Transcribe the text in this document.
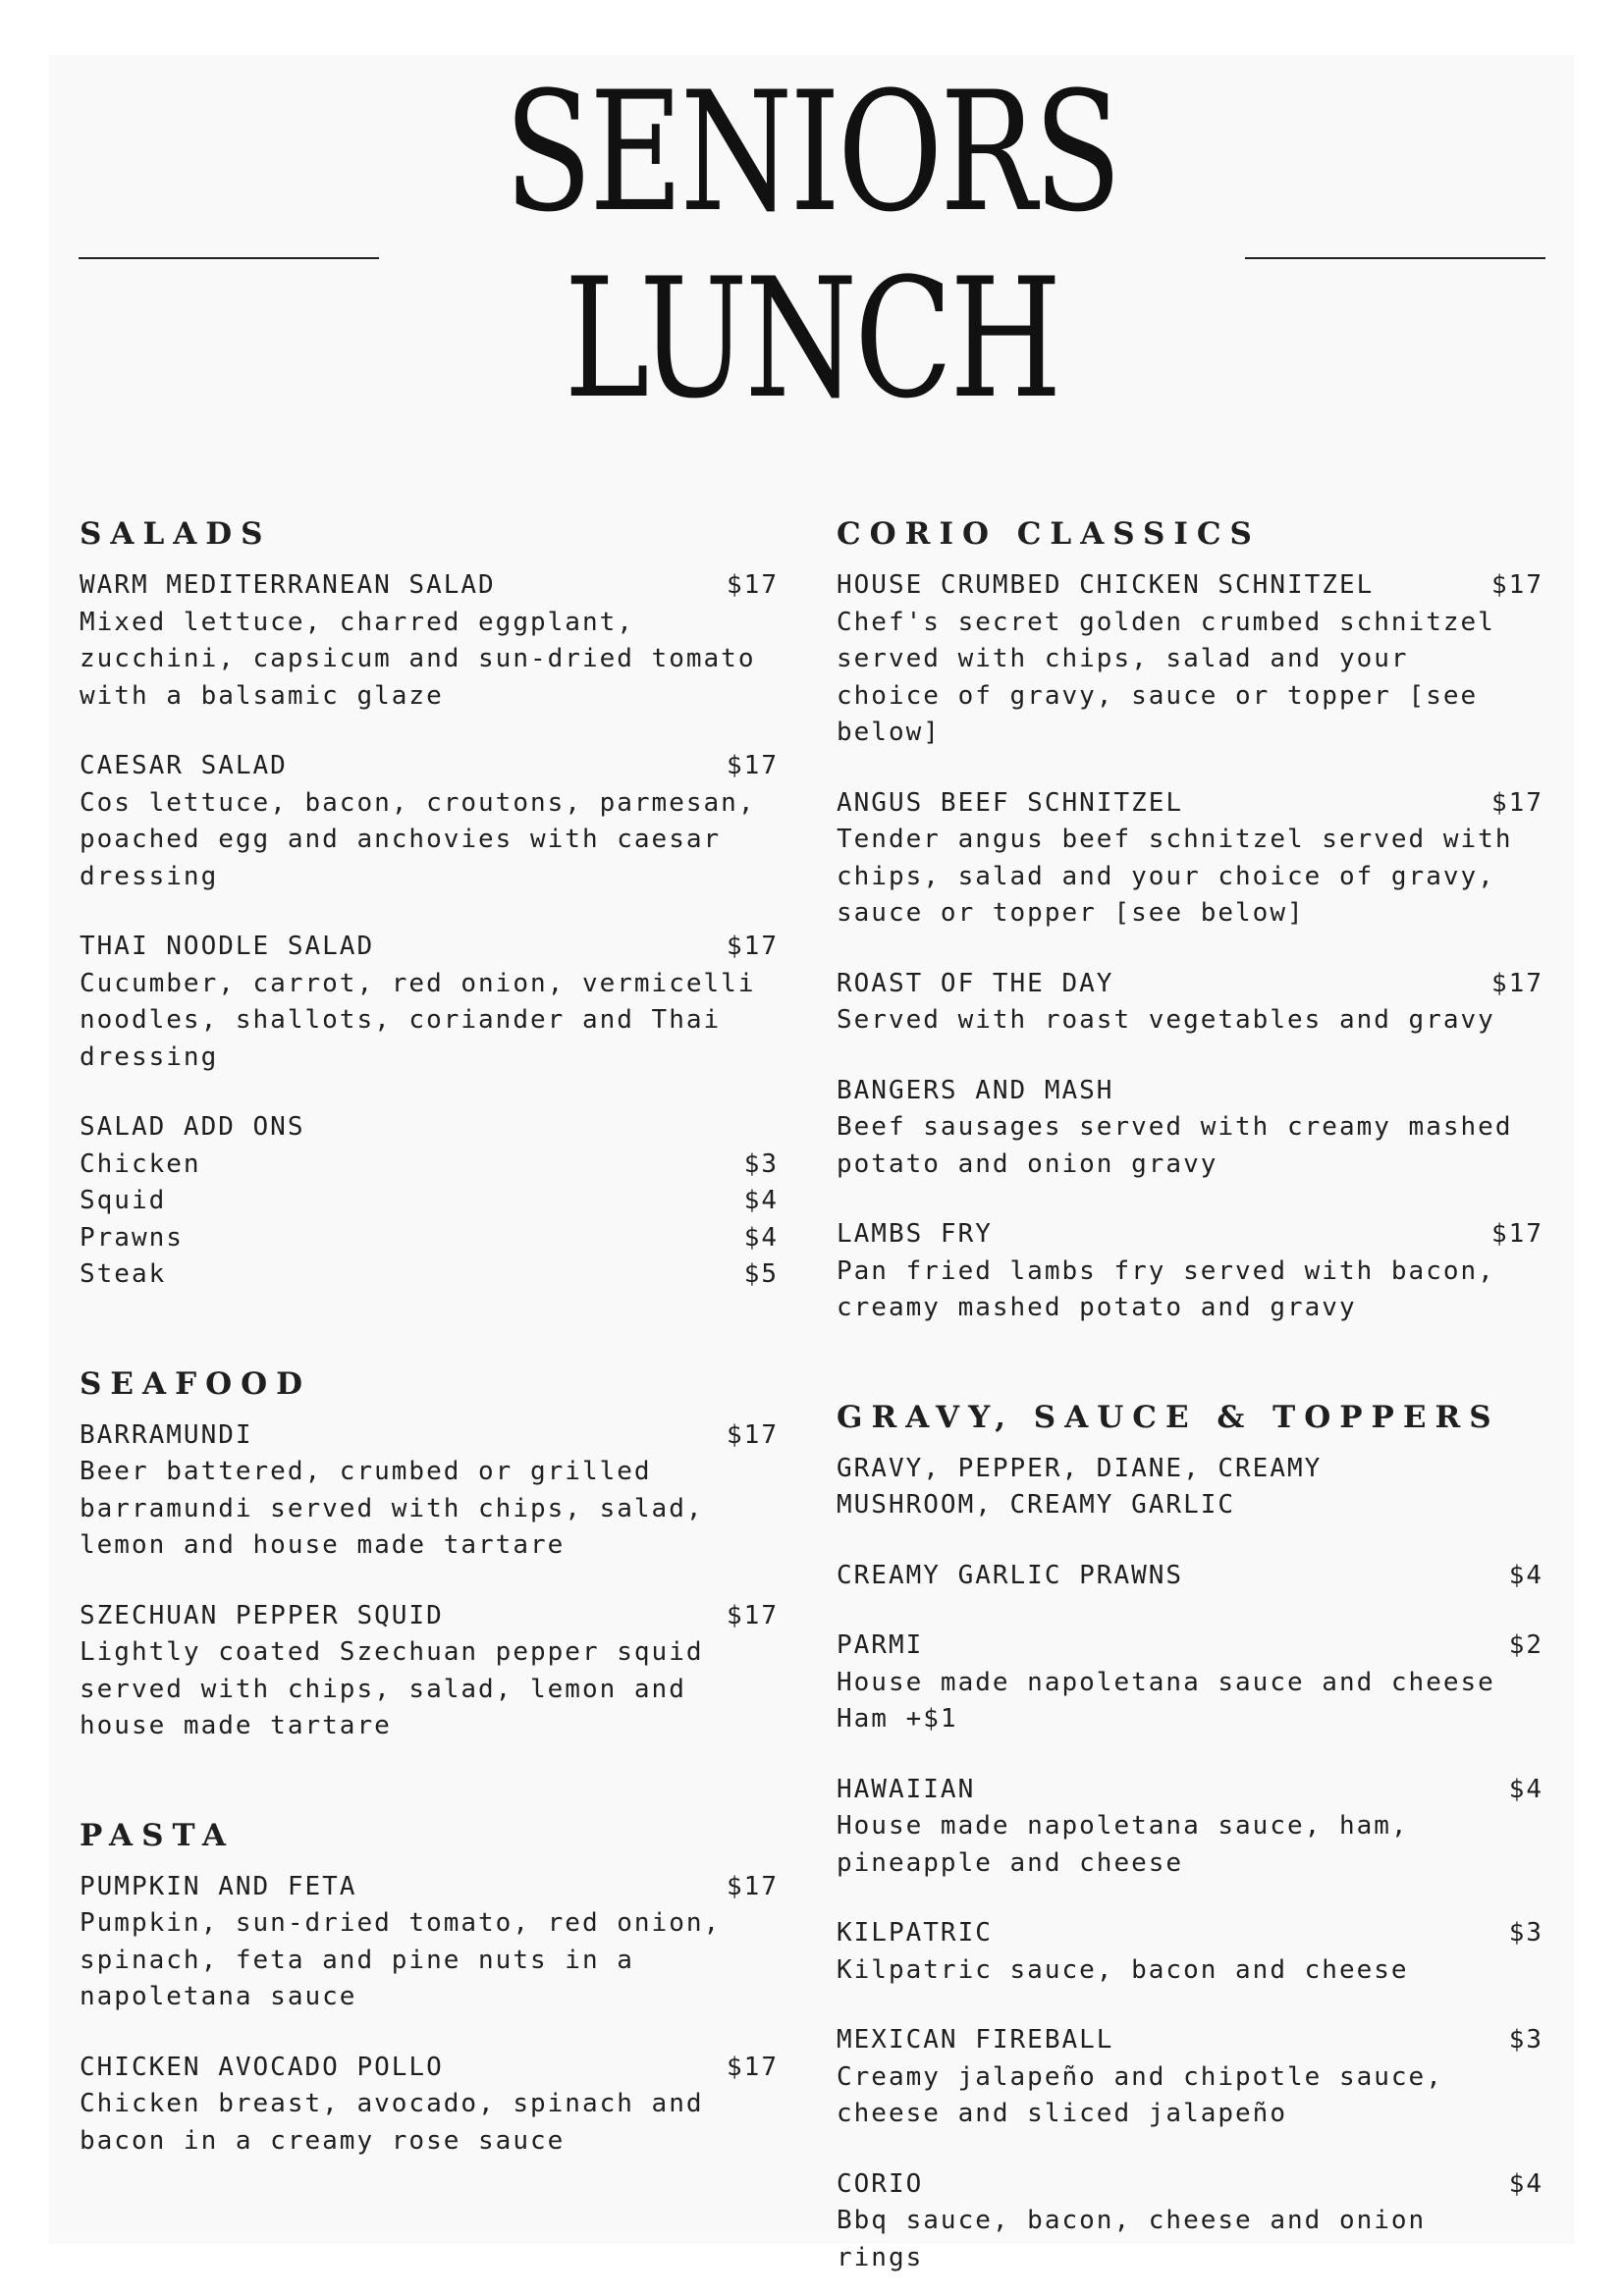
SENIORS
LUNCH
SALADS
WARM MEDITERRANEAN SALAD	$17
Mixed lettuce, charred eggplant, zucchini, capsicum and sun-dried tomato with a balsamic glaze
CAESAR SALAD	$17
Cos lettuce, bacon, croutons, parmesan, poached egg and anchovies with caesar dressing
THAI NOODLE SALAD	$17
Cucumber, carrot, red onion, vermicelli noodles, shallots, coriander and Thai dressing
SALAD ADD ONS
Chicken	$3
Squid	$4
Prawns	$4
Steak	$5
SEAFOOD
BARRAMUNDI	$17
Beer battered, crumbed or grilled barramundi served with chips, salad, lemon and house made tartare
SZECHUAN PEPPER SQUID	$17
Lightly coated Szechuan pepper squid served with chips, salad, lemon and house made tartare
PASTA
PUMPKIN AND FETA	$17
Pumpkin, sun-dried tomato, red onion, spinach, feta and pine nuts in a napoletana sauce
CHICKEN AVOCADO POLLO	$17
Chicken breast, avocado, spinach and bacon in a creamy rose sauce
CORIO CLASSICS
HOUSE CRUMBED CHICKEN SCHNITZEL	$17
Chef's secret golden crumbed schnitzel served with chips, salad and your choice of gravy, sauce or topper [see below]
ANGUS BEEF SCHNITZEL	$17
Tender angus beef schnitzel served with chips, salad and your choice of gravy, sauce or topper [see below]
ROAST OF THE DAY	$17
Served with roast vegetables and gravy
BANGERS AND MASH
Beef sausages served with creamy mashed potato and onion gravy
LAMBS FRY	$17
Pan fried lambs fry served with bacon, creamy mashed potato and gravy
GRAVY, SAUCE & TOPPERS
GRAVY, PEPPER, DIANE, CREAMY MUSHROOM, CREAMY GARLIC
CREAMY GARLIC PRAWNS	$4
PARMI	$2
House made napoletana sauce and cheese Ham +$1
HAWAIIAN	$4
House made napoletana sauce, ham, pineapple and cheese
KILPATRIC	$3
Kilpatric sauce, bacon and cheese
MEXICAN FIREBALL	$3
Creamy jalapeño and chipotle sauce, cheese and sliced jalapeño
CORIO	$4
Bbq sauce, bacon, cheese and onion rings
